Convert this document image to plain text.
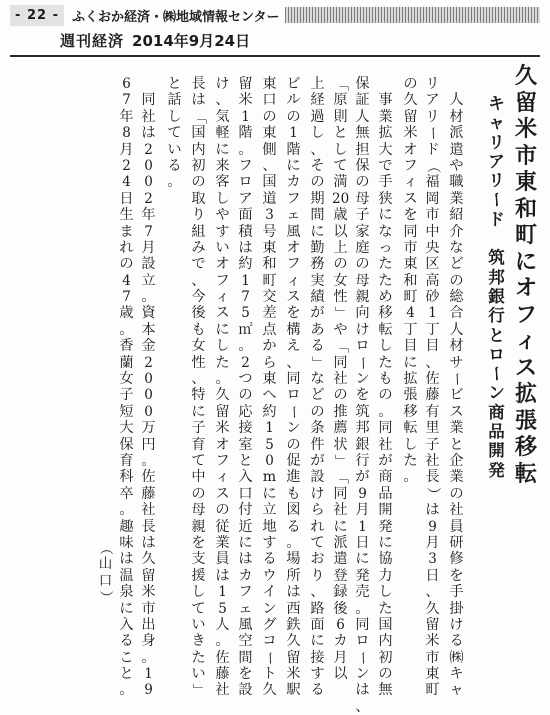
- 22 -	ふくおか経済・㈱地域情報センター
週刊経済 2014年9月24日
久
留
米
市
東
和
町
に
オ
フ
ィ
ス
拡
張
移
転
キ
ャ
リ
ア
リ
ー
ド

筑
邦
銀
行
と
ロ
ー
ン
商
品
開
発

人
材
派
遣
や
職
業
紹
介
な
ど
の
総
合
人
材
サ
ー
ビ
ス
業
と
企
業
の
社
員
研
修
を
手
掛
け
る
㈱
キ
ャ
リ
ア
リ
ー
ド
（
福
岡
市
中
央
区
高
砂
1
丁
目
、
佐
藤
有
里
子
社
長
）
は
9
月
3
日
、
久
留
米
市
東
町
の
久
留
米
オ
フ
ィ
ス
を
同
市
東
和
町
4
丁
目
に
拡
張
移
転
し
た
。

事
業
拡
大
で
手
狭
に
な
っ
た
た
め
移
転
し
た
も
の
。
同
社
が
商
品
開
発
に
協
力
し
た
国
内
初
の
無
保
証
人
無
担
保
の
母
子
家
庭
の
母
親
向
け
ロ
ー
ン
を
筑
邦
銀
行
が
9
月
1
日
に
発
売
。
同
ロ
ー
ン
は
、
「
原
則
と
し
て
満
20
歳
以
上
の
女
性
」
や
「
同
社
の
推
薦
状
」
「
同
社
に
派
遣
登
録
後
6
カ
月
以
上
経
過
し
、
そ
の
期
間
に
勤
務
実
績
が
あ
る
」
な
ど
の
条
件
が
設
け
ら
れ
て
お
り
、
路
面
に
接
す
る
ビ
ル
の
1
階
に
カ
フ
ェ
風
オ
フ
ィ
ス
を
構
え
、
同
ロ
ー
ン
の
促
進
も
図
る
。
場
所
は
西
鉄
久
留
米
駅
東
口
の
東
側
、
国
道
3
号
東
和
町
交
差
点
か
ら
東
へ
約
1
5
0
m
に
立
地
す
る
ウ
イ
ン
グ
コ
ー
ト
久
留
米
1
階
。
フ
ロ
ア
面
積
は
約
1
7
5
㎡
。
2
つ
の
応
接
室
と
入
口
付
近
に
は
カ
フ
ェ
風
空
間
を
設
け
、
気
軽
に
来
客
し
や
す
い
オ
フ
ィ
ス
に
し
た
。
久
留
米
オ
フ
ィ
ス
の
従
業
員
は
1
5
人
。
佐
藤
社
長
は
「
国
内
初
の
取
り
組
み
で
、
今
後
も
女
性
、
特
に
子
育
て
中
の
母
親
を
支
援
し
て
い
き
た
い
」
と
話
し
て
い
る
。

同
社
は
2
0
0
2
年
7
月
設
立
。
資
本
金
2
0
0
0
万
円
。
佐
藤
社
長
は
久
留
米
市
出
身
。
1
9
6
7
年
8
月
2
4
日
生
ま
れ
の
4
7
歳
。
香
蘭
女
子
短
大
保
育
科
卒
。
趣
味
は
温
泉
に
入
る
こ
と
。
（
山
口
）
